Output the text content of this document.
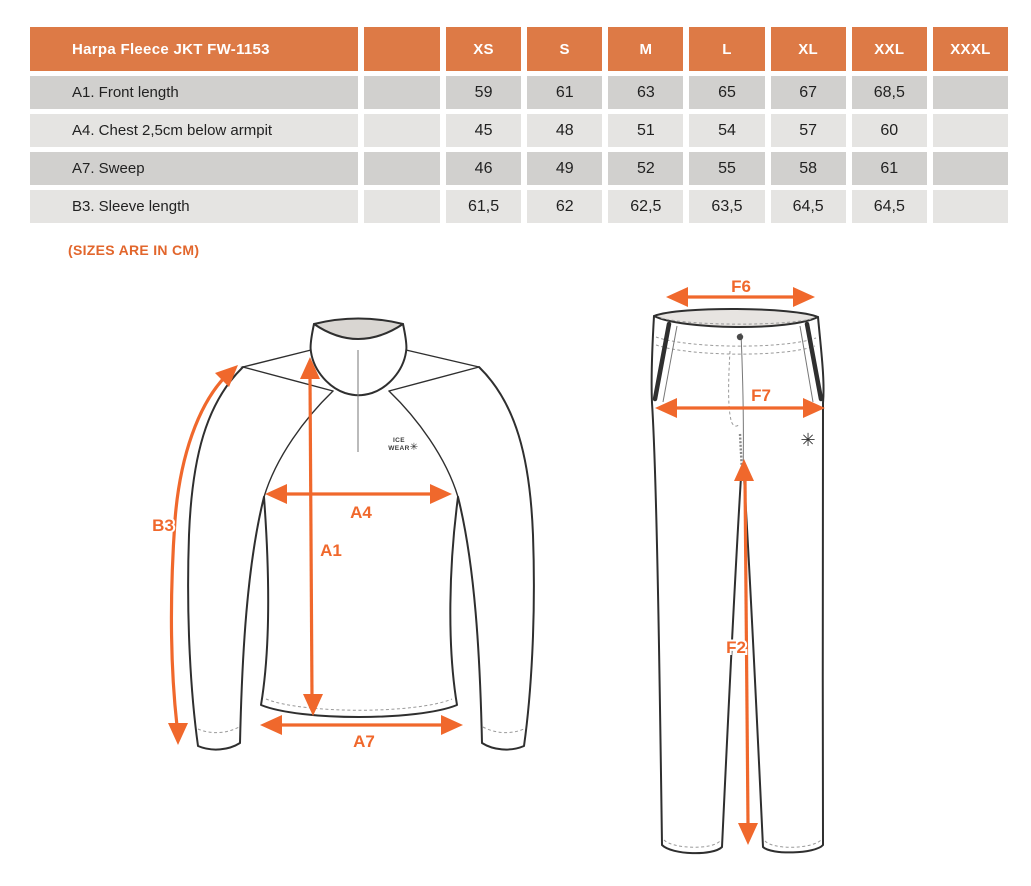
Harpa Fleece JKT FW-1153	XS	S	M	L	XL	XXL	XXXL
A1. Front length	59	61	63	65	67	68,5
A4. Chest 2,5cm below armpit	45	48	51	54	57	60
A7. Sweep	46	49	52	55	58	61
B3. Sleeve length	61,5	62	62,5	63,5	64,5	64,5
(SIZES ARE IN CM)
ICE
WEAR ✳
A1
A4
A7
B3
✳
F6
F7
F2
